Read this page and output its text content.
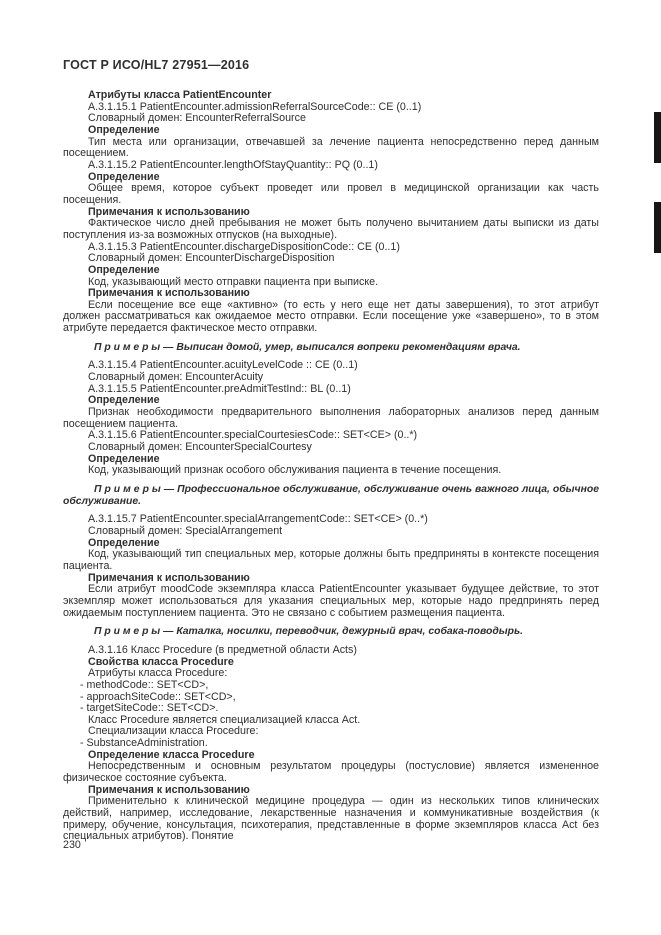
ГОСТ Р ИСО/HL7 27951—2016

Атрибуты класса PatientEncounter

А.3.1.15.1 PatientEncounter.admissionReferralSourceCode:: CE (0..1)

Словарный домен: EncounterReferralSource

Определение

Тип места или организации, отвечавшей за лечение пациента непосредственно перед данным посещением.

А.3.1.15.2 PatientEncounter.lengthOfStayQuantity:: PQ (0..1)

Определение

Общее время, которое субъект проведет или провел в медицинской организации как часть посещения.

Примечания к использованию

Фактическое число дней пребывания не может быть получено вычитанием даты выписки из даты поступления из-за возможных отпусков (на выходные).

А.3.1.15.3 PatientEncounter.dischargeDispositionCode:: CE (0..1)

Словарный домен: EncounterDischargeDisposition

Определение

Код, указывающий место отправки пациента при выписке.

Примечания к использованию

Если посещение все еще «активно» (то есть у него еще нет даты завершения), то этот атрибут должен рассматриваться как ожидаемое место отправки. Если посещение уже «завершено», то в этом атрибуте передается фактическое место отправки.

П р и м е р ы — Выписан домой, умер, выписался вопреки рекомендациям врача.

А.3.1.15.4 PatientEncounter.acuityLevelCode :: CE (0..1)

Словарный домен: EncounterAcuity

А.3.1.15.5 PatientEncounter.preAdmitTestInd:: BL (0..1)

Определение

Признак необходимости предварительного выполнения лабораторных анализов перед данным посещением пациента.

А.3.1.15.6 PatientEncounter.specialCourtesiesCode:: SET<CE> (0..*)

Словарный домен: EncounterSpecialCourtesy

Определение

Код, указывающий признак особого обслуживания пациента в течение посещения.

П р и м е р ы — Профессиональное обслуживание, обслуживание очень важного лица, обычное обслуживание.

А.3.1.15.7 PatientEncounter.specialArrangementCode:: SET<CE> (0..*)

Словарный домен: SpecialArrangement

Определение

Код, указывающий тип специальных мер, которые должны быть предприняты в контексте посещения пациента.

Примечания к использованию

Если атрибут moodCode экземпляра класса PatientEncounter указывает будущее действие, то этот экземпляр может использоваться для указания специальных мер, которые надо предпринять перед ожидаемым поступлением пациента. Это не связано с событием размещения пациента.

П р и м е р ы — Каталка, носилки, переводчик, дежурный врач, собака-поводырь.

А.3.1.16 Класс Procedure (в предметной области Acts)

Свойства класса Procedure

Атрибуты класса Procedure:

- methodCode:: SET<CD>,

- approachSiteCode:: SET<CD>,

- targetSiteCode:: SET<CD>.

Класс Procedure является специализацией класса Act.

Специализации класса Procedure:

- SubstanceAdministration.

Определение класса Procedure

Непосредственным и основным результатом процедуры (постусловие) является измененное физическое состояние субъекта.

Примечания к использованию

Применительно к клинической медицине процедура — один из нескольких типов клинических действий, например, исследование, лекарственные назначения и коммуникативные воздействия (к примеру, обучение, консультация, психотерапия, представленные в форме экземпляров класса Act без специальных атрибутов). Понятие

230
